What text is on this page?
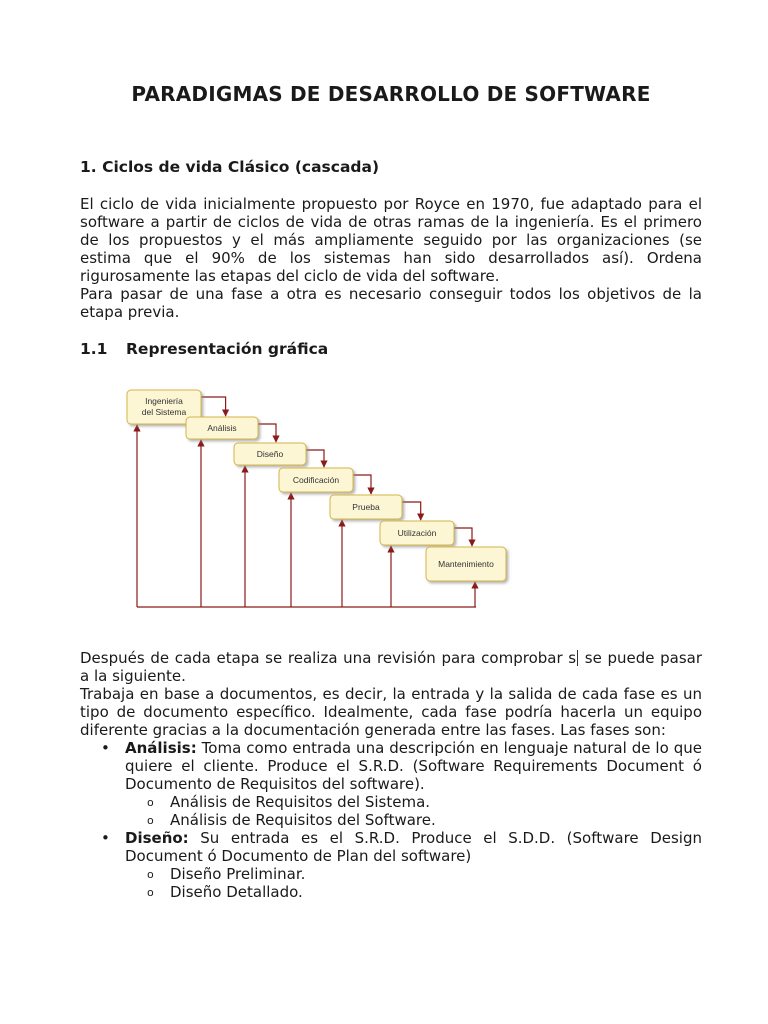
PARADIGMAS DE DESARROLLO DE SOFTWARE
1. Ciclos de vida Clásico (cascada)

El ciclo de vida inicialmente propuesto por Royce en 1970, fue adaptado para el software a partir de ciclos de vida de otras ramas de la ingeniería. Es el primero de los propuestos y el más ampliamente seguido por las organizaciones (se estima que el 90% de los sistemas han sido desarrollados así). Ordena rigurosamente las etapas del ciclo de vida del software.

Para pasar de una fase a otra es necesario conseguir todos los objetivos de la etapa previa.

1.1 Representación gráfica
Ingeniería del Sistema
Análisis
Diseño
Codificación
Prueba
Utilización
Mantenimiento

Después de cada etapa se realiza una revisión para comprobar s se puede pasar a la siguiente.

Trabaja en base a documentos, es decir, la entrada y la salida de cada fase es un tipo de documento específico. Idealmente, cada fase podría hacerla un equipo diferente gracias a la documentación generada entre las fases. Las fases son:

• Análisis: Toma como entrada una descripción en lenguaje natural de lo que quiere el cliente. Produce el S.R.D. (Software Requirements Document ó Documento de Requisitos del software).
o Análisis de Requisitos del Sistema.
o Análisis de Requisitos del Software.
• Diseño: Su entrada es el S.R.D. Produce el S.D.D. (Software Design Document ó Documento de Plan del software)
o Diseño Preliminar.
o Diseño Detallado.
